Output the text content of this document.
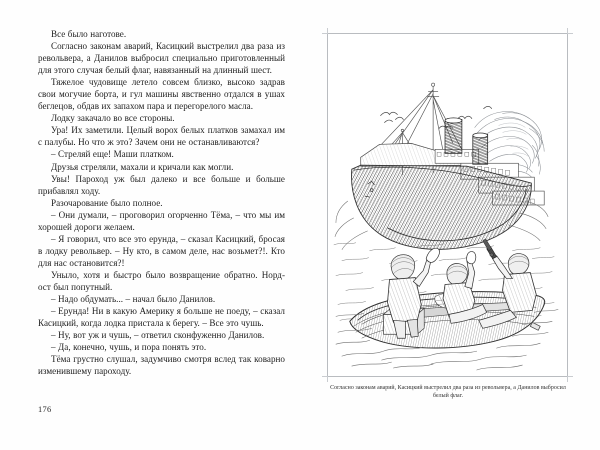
Все было наготове.

Согласно законам аварий, Касицкий выстрелил два раза из револьвера, а Данилов выбросил специально приготовленный для этого случая белый флаг, навязанный на длинный шест.

Тяжелое чудовище летело совсем близко, высоко задрав свои могучие борта, и гул машины явственно отдался в ушах беглецов, обдав их запахом пара и перегорелого масла.

Лодку закачало во все стороны.

Ура! Их заметили. Целый ворох белых платков замахал им с палубы. Но что ж это? Зачем они не останавливаются?

– Стреляй еще! Маши платком.

Друзья стреляли, махали и кричали как могли.

Увы! Пароход уж был далеко и все больше и больше прибавлял ходу.

Разочарование было полное.

– Они думали, – проговорил огорченно Тёма, – что мы им хорошей дороги желаем.

– Я говорил, что все это ерунда, – сказал Касицкий, бросая в лодку револьвер. – Ну кто, в самом деле, нас возьмет?!. Кто для нас остановится?!

Уныло, хотя и быстро было возвращение обратно. Норд-ост был попутный.

– Надо обдумать... – начал было Данилов.

– Ерунда! Ни в какую Америку я больше не поеду, – сказал Касицкий, когда лодка пристала к берегу. – Все это чушь.

– Ну, вот уж и чушь, – ответил сконфуженно Данилов.

– Да, конечно, чушь, и пора понять это.

Тёма грустно слушал, задумчиво смотря вслед так коварно изменившему пароходу.

176
Согласно законам аварий, Касицкий выстрелил два раза из револьвера, а Данилов выбросил белый флаг.
